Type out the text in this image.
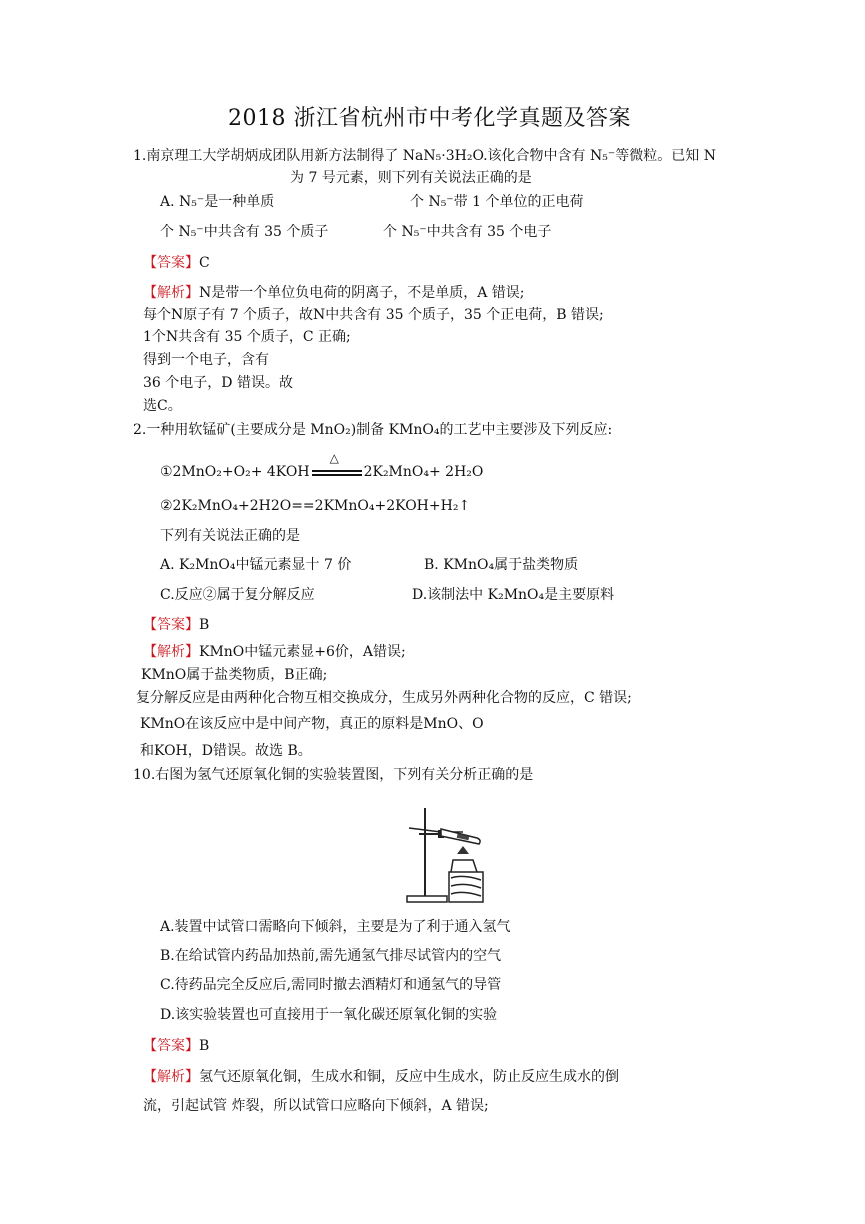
2018 浙江省杭州市中考化学真题及答案
1.南京理工大学胡炳成团队用新方法制得了 NaN₅·3H₂O.该化合物中含有 N₅⁻等微粒。已知 N
为 7 号元素，则下列有关说法正确的是
A. N₅⁻是一种单质	个 N₅⁻带 1 个单位的正电荷
个 N₅⁻中共含有 35 个质子	个 N₅⁻中共含有 35 个电子
【答案】C
【解析】N是带一个单位负电荷的阴离子，不是单质，A 错误;
每个N原子有 7 个质子，故N中共含有 35 个质子，35 个正电荷，B 错误;
1个N共含有 35 个质子，C 正确;
得到一个电子，含有
36 个电子，D 错误。故
选C。
2.一种用软锰矿(主要成分是 MnO₂)制备 KMnO₄的工艺中主要涉及下列反应:
①2MnO₂+O₂+ 4KOH
△
2K₂MnO₄+ 2H₂O
②2K₂MnO₄+2H2O==2KMnO₄+2KOH+H₂↑
下列有关说法正确的是
A. K₂MnO₄中锰元素显十 7 价	B. KMnO₄属于盐类物质
C.反应②属于复分解反应	D.该制法中 K₂MnO₄是主要原料
【答案】B
【解析】KMnO中锰元素显+6价，A错误;
KMnO属于盐类物质，B正确;
复分解反应是由两种化合物互相交换成分，生成另外两种化合物的反应，C 错误;
KMnO在该反应中是中间产物，真正的原料是MnO、O
和KOH，D错误。故选 B。
10.右图为氢气还原氧化铜的实验装置图，下列有关分析正确的是
A.装置中试管口需略向下倾斜，主要是为了利于通入氢气
B.在给试管内药品加热前,需先通氢气排尽试管内的空气
C.待药品完全反应后,需同时撤去酒精灯和通氢气的导管
D.该实验装置也可直接用于一氧化碳还原氧化铜的实验
【答案】B
【解析】氢气还原氧化铜，生成水和铜，反应中生成水，防止反应生成水的倒
流，引起试管 炸裂，所以试管口应略向下倾斜，A 错误;
